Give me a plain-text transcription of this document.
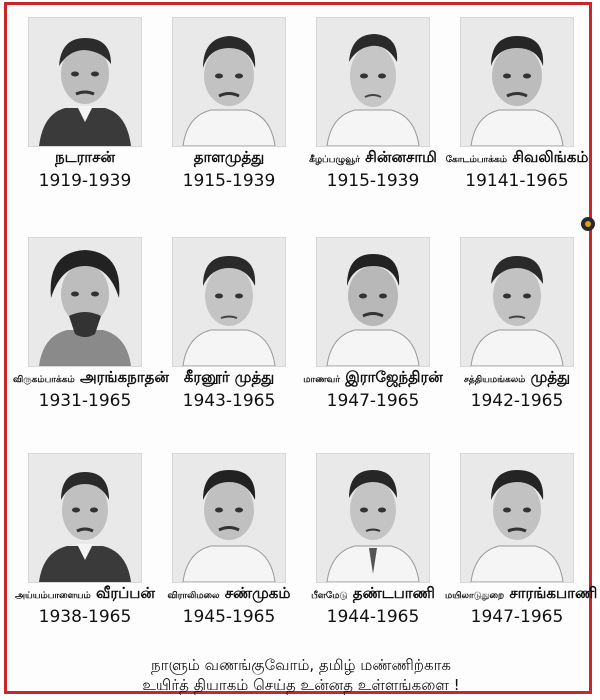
நடராசன்
1919-1939
தாளமுத்து
1915-1939
கீழப்பழுவூர் சின்னசாமி
1915-1939
கோடம்பாக்கம் சிவலிங்கம்
19141-1965
விருகம்பாக்கம் அரங்கநாதன்
1931-1965
கீரனூர் முத்து
1943-1965
மாணவர் இராஜேந்திரன்
1947-1965
சத்தியமங்கலம் முத்து
1942-1965
அய்யம்பாளையம் வீரப்பன்
1938-1965
விராலிமலை சண்முகம்
1945-1965
பீளமேடு தண்டபாணி
1944-1965
மயிலாடுதுறை சாரங்கபாணி
1947-1965
நாளும் வணங்குவோம், தமிழ் மண்ணிற்காக
உயிர்த் தியாகம் செய்த உன்னத உள்ளங்களை !
